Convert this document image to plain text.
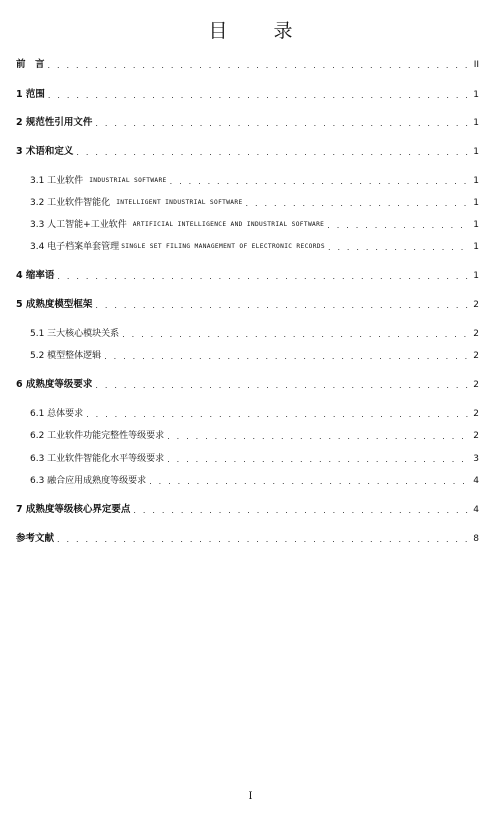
目 录
前　言 . . .	II
1 范围 . . .	1
2 规范性引用文件 . . .	1
3 术语和定义 . . .	1
3.1 工业软件 INDUSTRIAL SOFTWARE . . .	1
3.2 工业软件智能化 INTELLIGENT INDUSTRIAL SOFTWARE . . .	1
3.3 人工智能+工业软件 ARTIFICIAL INTELLIGENCE AND INDUSTRIAL SOFTWARE . . .	1
3.4 电子档案单套管理 SINGLE SET FILING MANAGEMENT OF ELECTRONIC RECORDS . . .	1
4 缩率语 . . .	1
5 成熟度模型框架 . . .	2
5.1 三大核心模块关系 . . .	2
5.2 模型整体逻辑 . . .	2
6 成熟度等级要求 . . .	2
6.1 总体要求 . . .	2
6.2 工业软件功能完整性等级要求 . . .	2
6.3 工业软件智能化水平等级要求 . . .	3
6.3 融合应用成熟度等级要求 . . .	4
7 成熟度等级核心界定要点 . . .	4
参考文献 . . .	8
I
